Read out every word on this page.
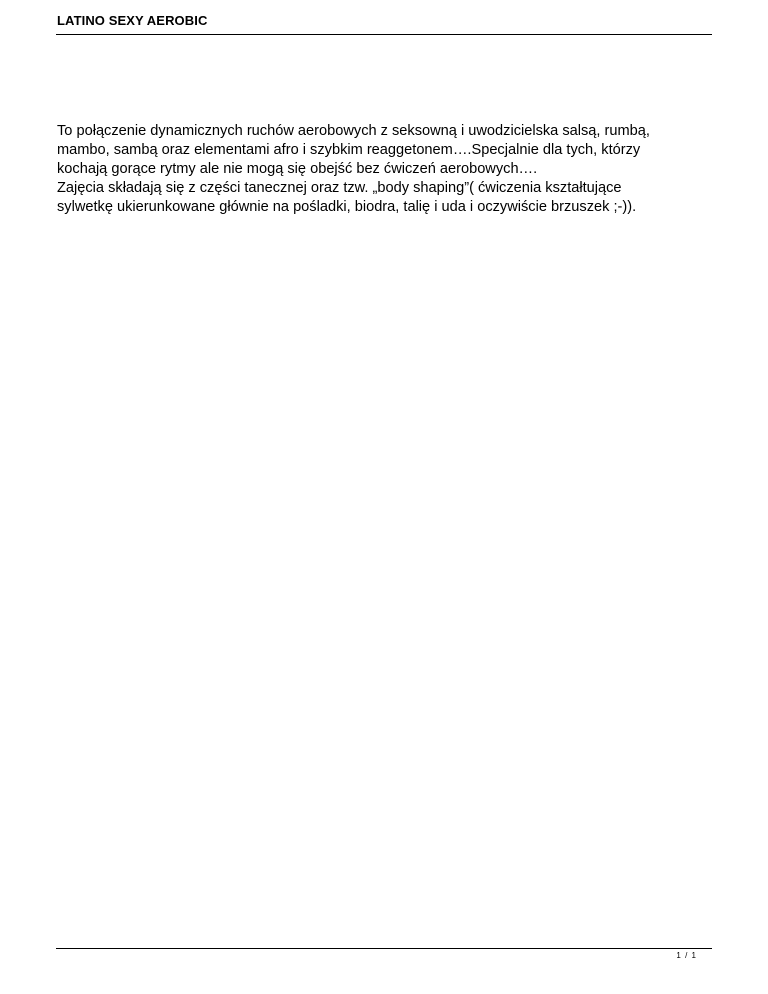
LATINO SEXY AEROBIC
To połączenie dynamicznych ruchów aerobowych z seksowną i uwodzicielska salsą, rumbą,
mambo, sambą oraz elementami afro i szybkim reaggetonem….Specjalnie dla tych, którzy
kochają gorące rytmy ale nie mogą się obejść bez ćwiczeń aerobowych….
Zajęcia składają się z części tanecznej oraz tzw. „body shaping”( ćwiczenia kształtujące
sylwetkę ukierunkowane głównie na pośladki, biodra, talię i uda i oczywiście brzuszek ;-)).
1 / 1
